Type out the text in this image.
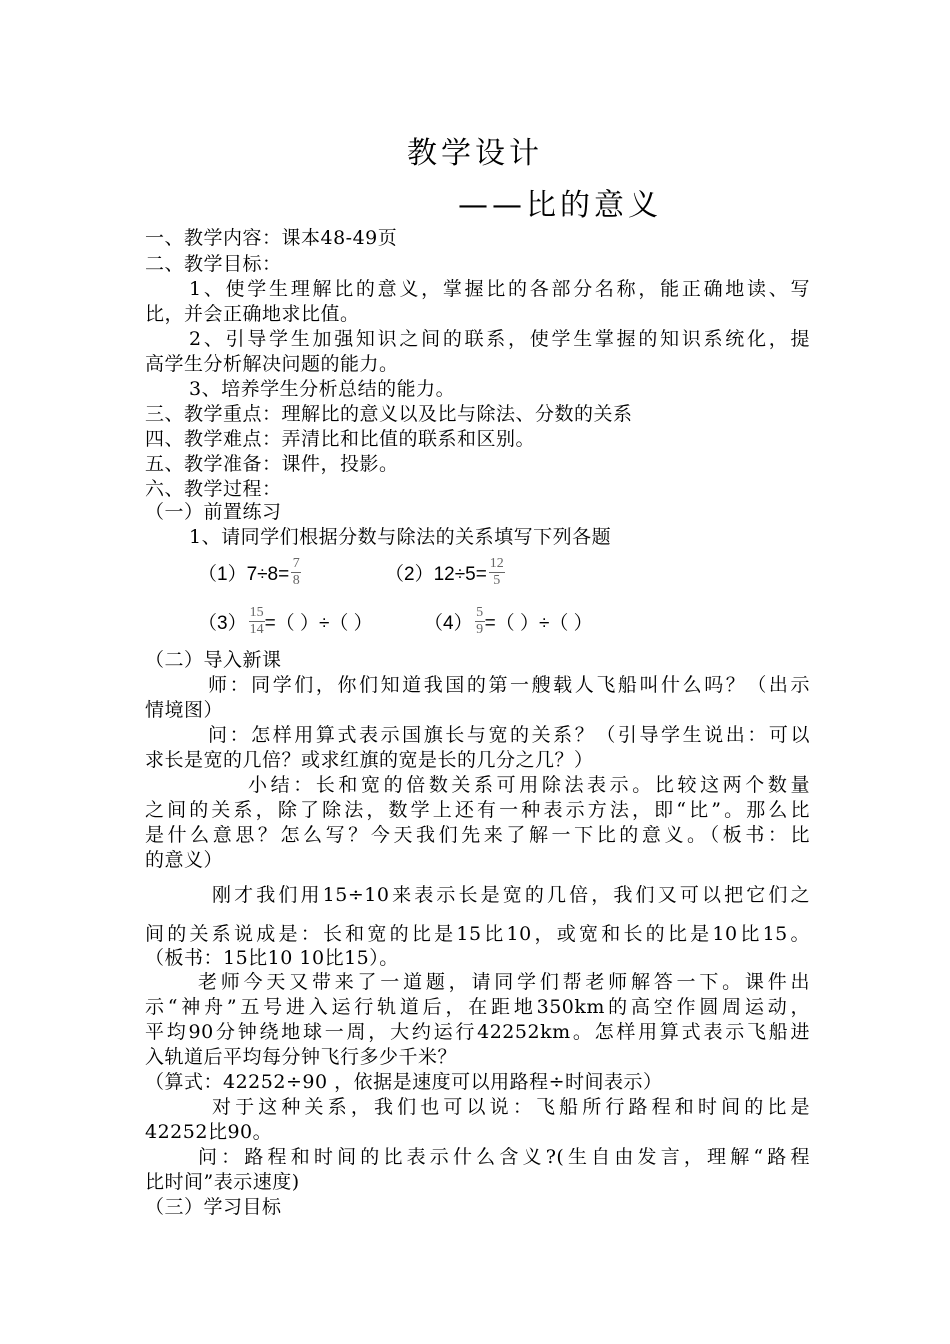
教学设计
——比的意义
一、教学内容：课本48-49页
二、教学目标：
1、使学生理解比的意义，掌握比的各部分名称，能正确地读、写
比，并会正确地求比值。
2、引导学生加强知识之间的联系，使学生掌握的知识系统化，提
高学生分析解决问题的能力。
3、培养学生分析总结的能力。
三、教学重点：理解比的意义以及比与除法、分数的关系
四、教学难点：弄清比和比值的联系和区别。
五、教学准备：课件，投影。
六、教学过程：
（一）前置练习
1、请同学们根据分数与除法的关系填写下列各题
$(1)7\div 8= \frac{7}{8}$	$(2)12\div 5= \frac{12}{5}$
$(3) \frac{15}{14}$ =（ ）÷（ ）	$(4) \frac{5}{9}$ =（ ）÷（ ）
（二）导入新课
师：同学们，你们知道我国的第一艘载人飞船叫什么吗？（出示
情境图）
问：怎样用算式表示国旗长与宽的关系？（引导学生说出：可以
求长是宽的几倍？或求红旗的宽是长的几分之几？）
小结：长和宽的倍数关系可用除法表示。比较这两个数量
之间的关系，除了除法，数学上还有一种表示方法，即“比”。那么比
是什么意思？怎么写？今天我们先来了解一下比的意义。（板书：比
的意义）
刚才我们用15÷10来表示长是宽的几倍，我们又可以把它们之
间的关系说成是：长和宽的比是15比10，或宽和长的比是10比15。
（板书：15比10 10比15）。
老师今天又带来了一道题，请同学们帮老师解答一下。课件出
示“神舟”五号进入运行轨道后，在距地350km的高空作圆周运动，
平均90分钟绕地球一周，大约运行42252km。怎样用算式表示飞船进
入轨道后平均每分钟飞行多少千米？
（算式：42252÷90 ，依据是速度可以用路程÷时间表示）
对于这种关系，我们也可以说：飞船所行路程和时间的比是
42252比90。
问：路程和时间的比表示什么含义?(生自由发言，理解“路程
比时间”表示速度)
（三）学习目标
